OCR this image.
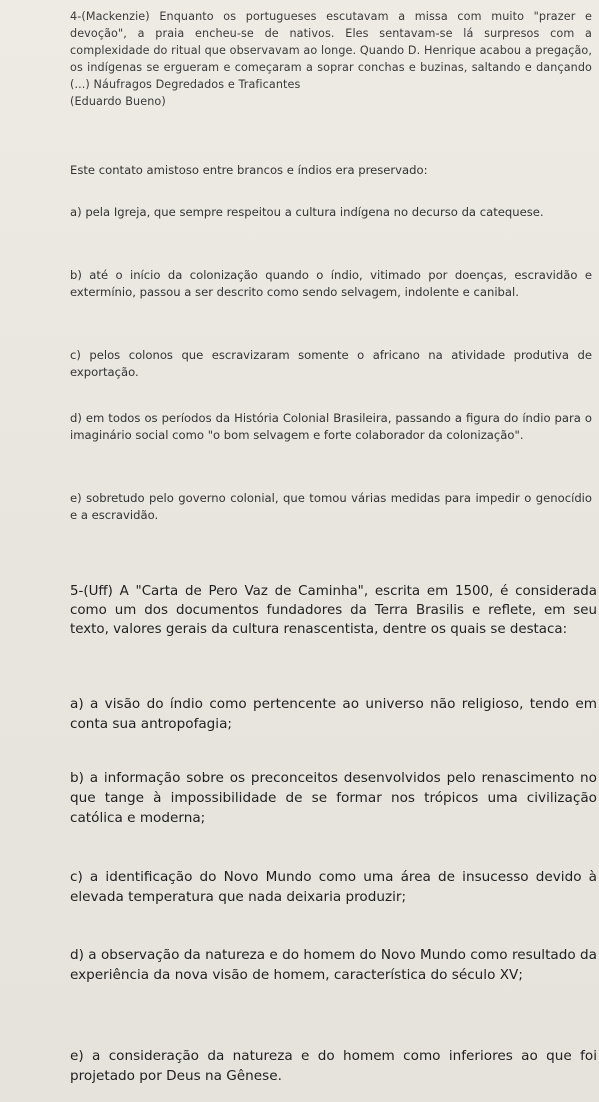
4-(Mackenzie) Enquanto os portugueses escutavam a missa com muito "prazer e devoção", a praia encheu-se de nativos. Eles sentavam-se lá surpresos com a complexidade do ritual que observavam ao longe. Quando D. Henrique acabou a pregação, os indígenas se ergueram e começaram a soprar conchas e buzinas, saltando e dançando (...) Náufragos Degredados e Traficantes
(Eduardo Bueno)

Este contato amistoso entre brancos e índios era preservado:

a) pela Igreja, que sempre respeitou a cultura indígena no decurso da catequese.

b) até o início da colonização quando o índio, vitimado por doenças, escravidão e extermínio, passou a ser descrito como sendo selvagem, indolente e canibal.

c) pelos colonos que escravizaram somente o africano na atividade produtiva de exportação.

d) em todos os períodos da História Colonial Brasileira, passando a figura do índio para o imaginário social como "o bom selvagem e forte colaborador da colonização".

e) sobretudo pelo governo colonial, que tomou várias medidas para impedir o genocídio e a escravidão.

5-(Uff) A "Carta de Pero Vaz de Caminha", escrita em 1500, é considerada como um dos documentos fundadores da Terra Brasilis e reflete, em seu texto, valores gerais da cultura renascentista, dentre os quais se destaca:

a) a visão do índio como pertencente ao universo não religioso, tendo em conta sua antropofagia;

b) a informação sobre os preconceitos desenvolvidos pelo renascimento no que tange à impossibilidade de se formar nos trópicos uma civilização católica e moderna;

c) a identificação do Novo Mundo como uma área de insucesso devido à elevada temperatura que nada deixaria produzir;

d) a observação da natureza e do homem do Novo Mundo como resultado da experiência da nova visão de homem, característica do século XV;

e) a consideração da natureza e do homem como inferiores ao que foi projetado por Deus na Gênese.
